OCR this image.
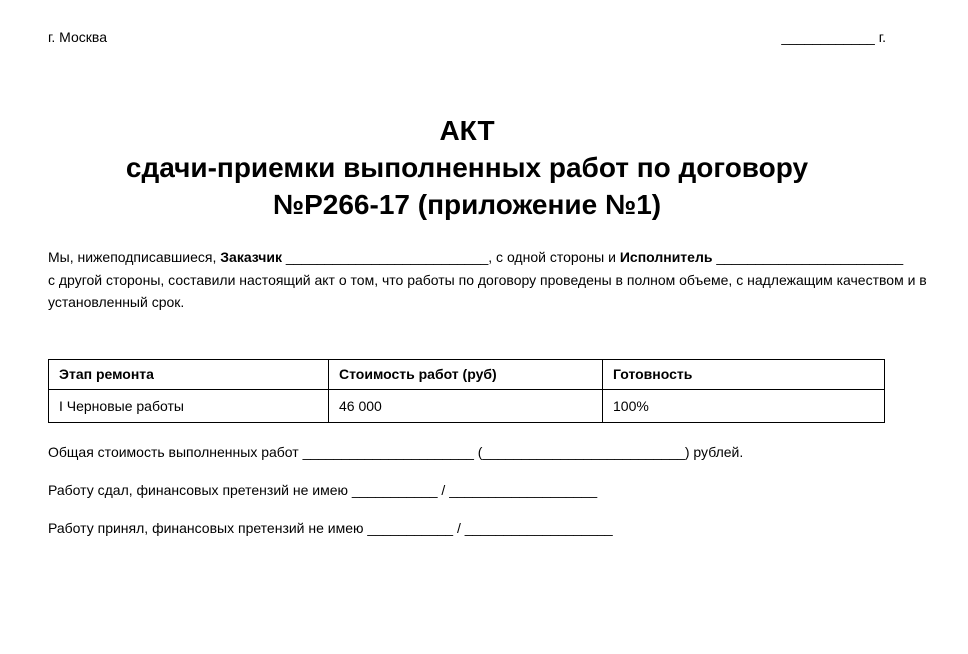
г. Москва	____________ г.
АКТ
сдачи-приемки выполненных работ по договору
№Р266-17 (приложение №1)
Мы, нижеподписавшиеся, Заказчик __________________________, с одной стороны и Исполнитель ________________________
с другой стороны, составили настоящий акт о том, что работы по договору проведены в полном объеме, с надлежащим качеством и в
установленный срок.
Этап ремонта	Стоимость работ (руб)	Готовность
I Черновые работы	46 000	100%
Общая стоимость выполненных работ ______________________ (__________________________) рублей.
Работу сдал, финансовых претензий не имею ___________ / ___________________
Работу принял, финансовых претензий не имею ___________ / ___________________
